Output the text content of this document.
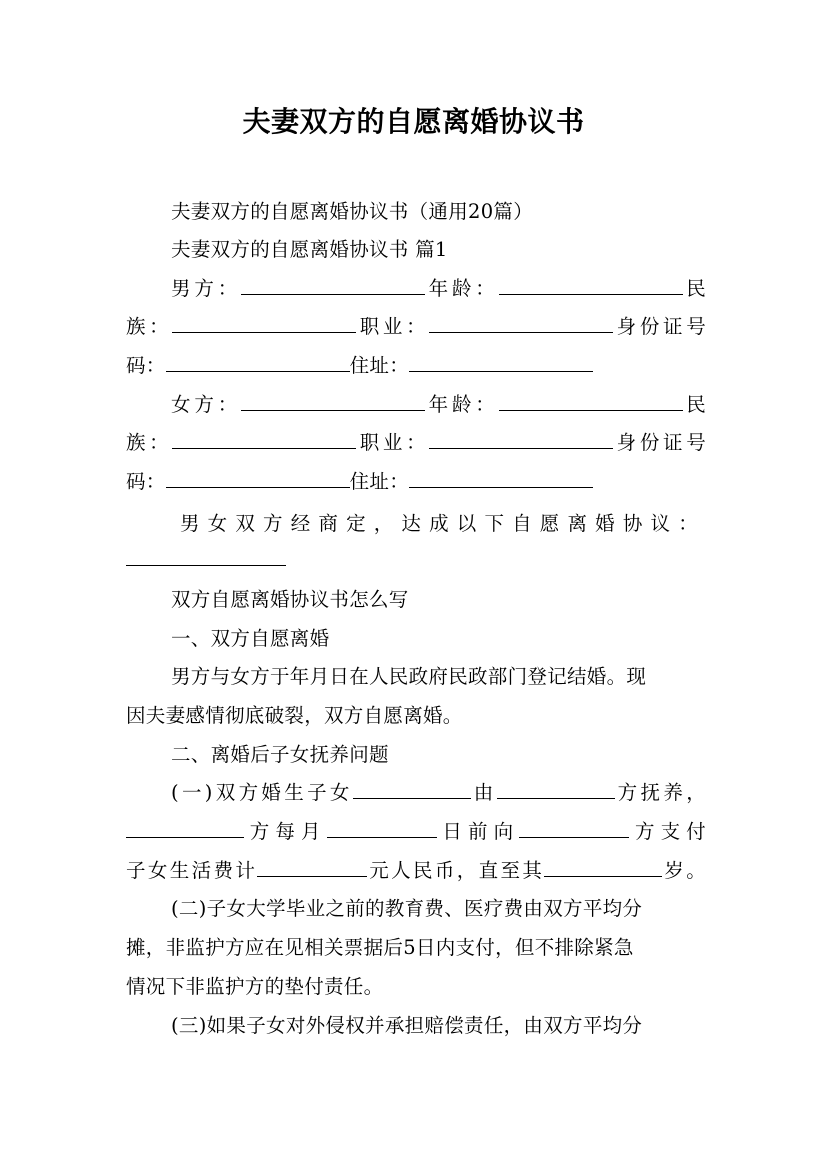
夫妻双方的自愿离婚协议书
夫妻双方的自愿离婚协议书（通用20篇）
夫妻双方的自愿离婚协议书 篇1
男方：	年龄：	民
族：	职业：	身份证号
码：	住址：
女方：	年龄：	民
族：	职业：	身份证号
码：	住址：
男女双方经商定，达成以下自愿离婚协议：
双方自愿离婚协议书怎么写
一、双方自愿离婚
男方与女方于年月日在人民政府民政部门登记结婚。现
因夫妻感情彻底破裂，双方自愿离婚。
二、离婚后子女抚养问题
(一)双方婚生子女	由	方抚养，
方每月	日前向	方支付
子女生活费计	元人民币，直至其	岁。
(二)子女大学毕业之前的教育费、医疗费由双方平均分
摊，非监护方应在见相关票据后5日内支付，但不排除紧急
情况下非监护方的垫付责任。
(三)如果子女对外侵权并承担赔偿责任，由双方平均分
